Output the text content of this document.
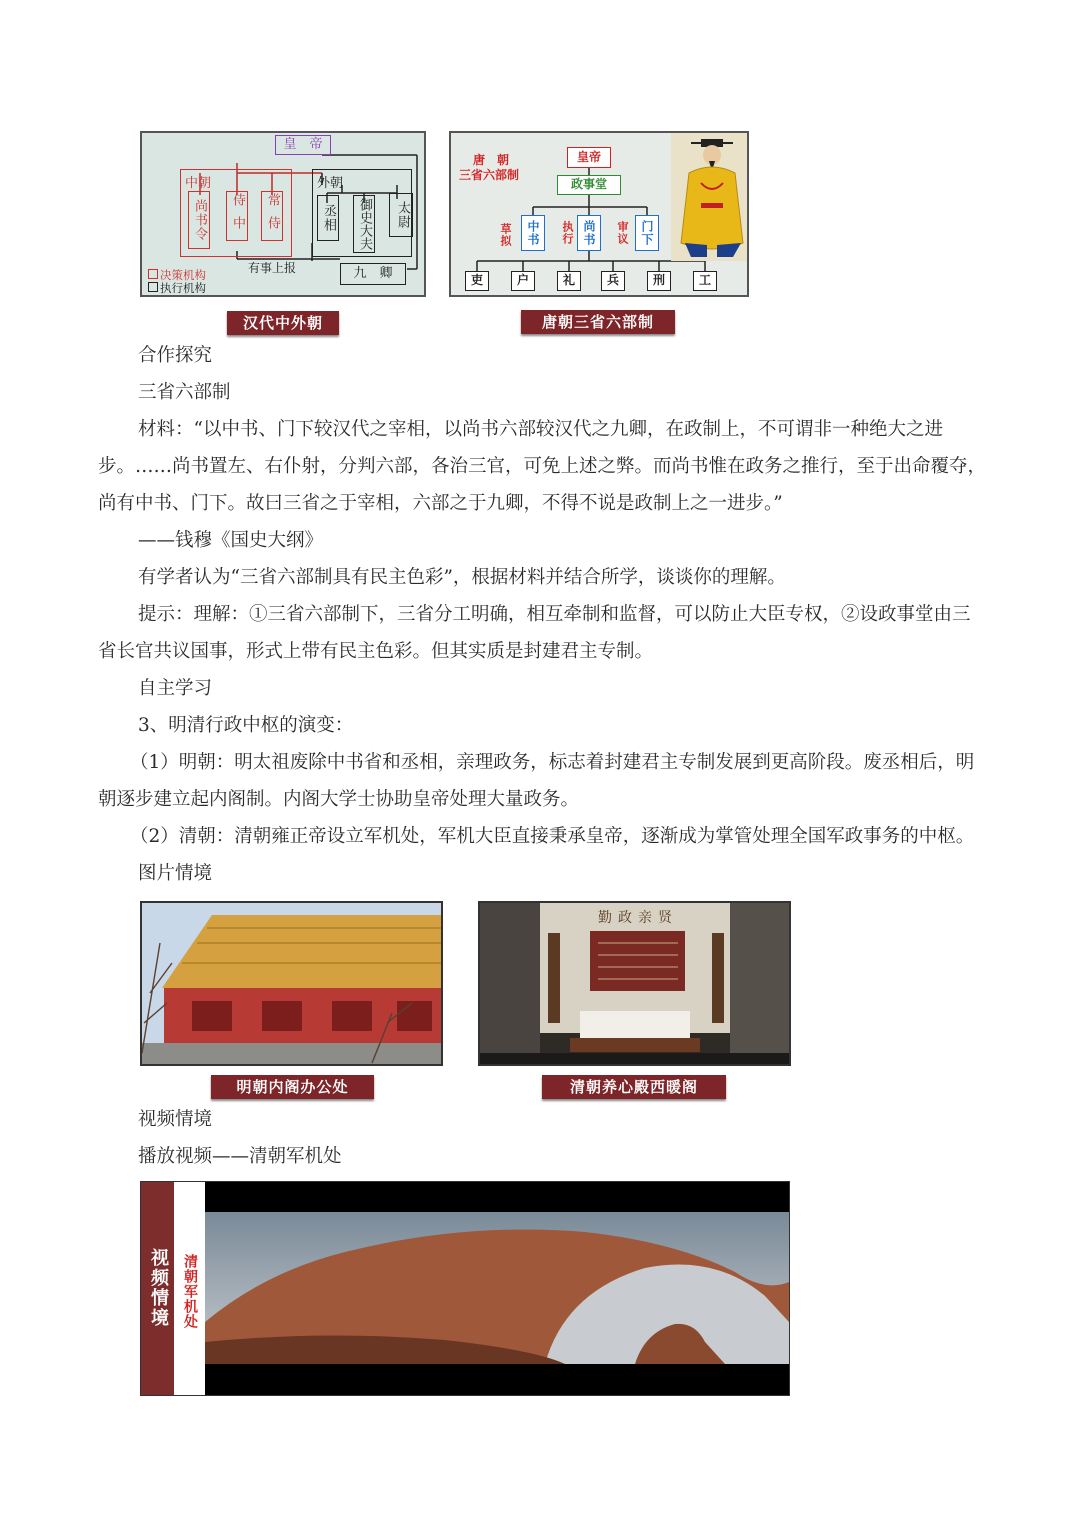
皇　帝
中朝
尚书令	侍中	常侍
外朝
丞相	御史大夫	太尉
有事上报	九　卿
决策机构
执行机构
汉代中外朝
唐　朝
三省六部制
皇帝
政事堂
草拟	执行	审议
中书	尚书	门下
吏	户	礼	兵	刑	工
唐朝三省六部制
合作探究
三省六部制
材料：“以中书、门下较汉代之宰相，以尚书六部较汉代之九卿，在政制上，不可谓非一种绝大之进步。……尚书置左、右仆射，分判六部，各治三官，可免上述之弊。而尚书惟在政务之推行，至于出命覆夺，尚有中书、门下。故曰三省之于宰相，六部之于九卿，不得不说是政制上之一进步。”
——钱穆《国史大纲》
有学者认为“三省六部制具有民主色彩”，根据材料并结合所学，谈谈你的理解。
提示：理解：①三省六部制下，三省分工明确，相互牵制和监督，可以防止大臣专权，②设政事堂由三省长官共议国事，形式上带有民主色彩。但其实质是封建君主专制。
自主学习
3、明清行政中枢的演变：
（1）明朝：明太祖废除中书省和丞相，亲理政务，标志着封建君主专制发展到更高阶段。废丞相后，明朝逐步建立起内阁制。内阁大学士协助皇帝处理大量政务。
（2）清朝：清朝雍正帝设立军机处，军机大臣直接秉承皇帝，逐渐成为掌管处理全国军政事务的中枢。
图片情境
明朝内阁办公处
勤政亲贤
清朝养心殿西暖阁
视频情境
播放视频——清朝军机处
视频情境 清朝军机处
